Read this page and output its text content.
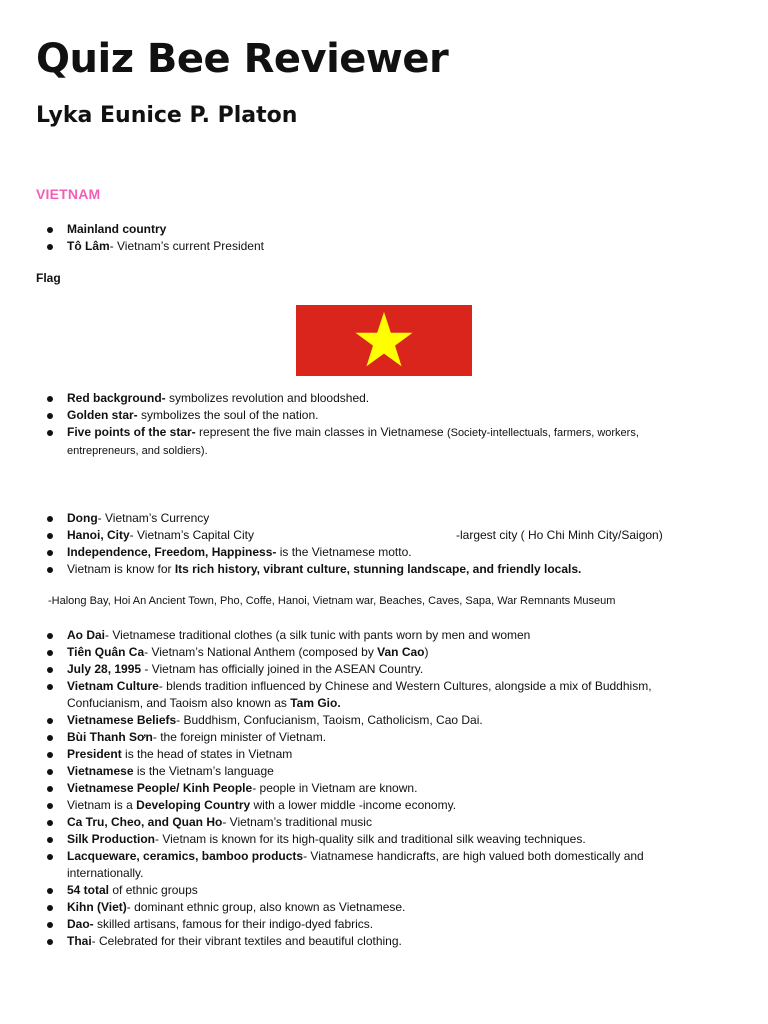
Quiz Bee Reviewer
Lyka Eunice P. Platon
VIETNAM
Mainland country
Tô Lâm- Vietnam’s current President
Flag
Red background- symbolizes revolution and bloodshed.
Golden star- symbolizes the soul of the nation.
Five points of the star- represent the five main classes in Vietnamese (Society-intellectuals, farmers, workers,
entrepreneurs, and soldiers).
Dong- Vietnam’s Currency
Hanoi, City- Vietnam’s Capital City	-largest city ( Ho Chi Minh City/Saigon)
Independence, Freedom, Happiness- is the Vietnamese motto.
Vietnam is know for Its rich history, vibrant culture, stunning landscape, and friendly locals.
-Halong Bay, Hoi An Ancient Town, Pho, Coffe, Hanoi, Vietnam war, Beaches, Caves, Sapa, War Remnants Museum
Ao Dai- Vietnamese traditional clothes (a silk tunic with pants worn by men and women
Tiên Quân Ca- Vietnam’s National Anthem (composed by Van Cao)
July 28, 1995 - Vietnam has officially joined in the ASEAN Country.
Vietnam Culture- blends tradition influenced by Chinese and Western Cultures, alongside a mix of Buddhism,
Confucianism, and Taoism also known as Tam Gio.
Vietnamese Beliefs- Buddhism, Confucianism, Taoism, Catholicism, Cao Dai.
Bùi Thanh Sơn- the foreign minister of Vietnam.
President is the head of states in Vietnam
Vietnamese is the Vietnam’s language
Vietnamese People/ Kinh People- people in Vietnam are known.
Vietnam is a Developing Country with a lower middle -income economy.
Ca Tru, Cheo, and Quan Ho- Vietnam’s traditional music
Silk Production- Vietnam is known for its high-quality silk and traditional silk weaving techniques.
Lacqueware, ceramics, bamboo products- Viatnamese handicrafts, are high valued both domestically and
internationally.
54 total of ethnic groups
Kihn (Viet)- dominant ethnic group, also known as Vietnamese.
Dao- skilled artisans, famous for their indigo-dyed fabrics.
Thai- Celebrated for their vibrant textiles and beautiful clothing.
